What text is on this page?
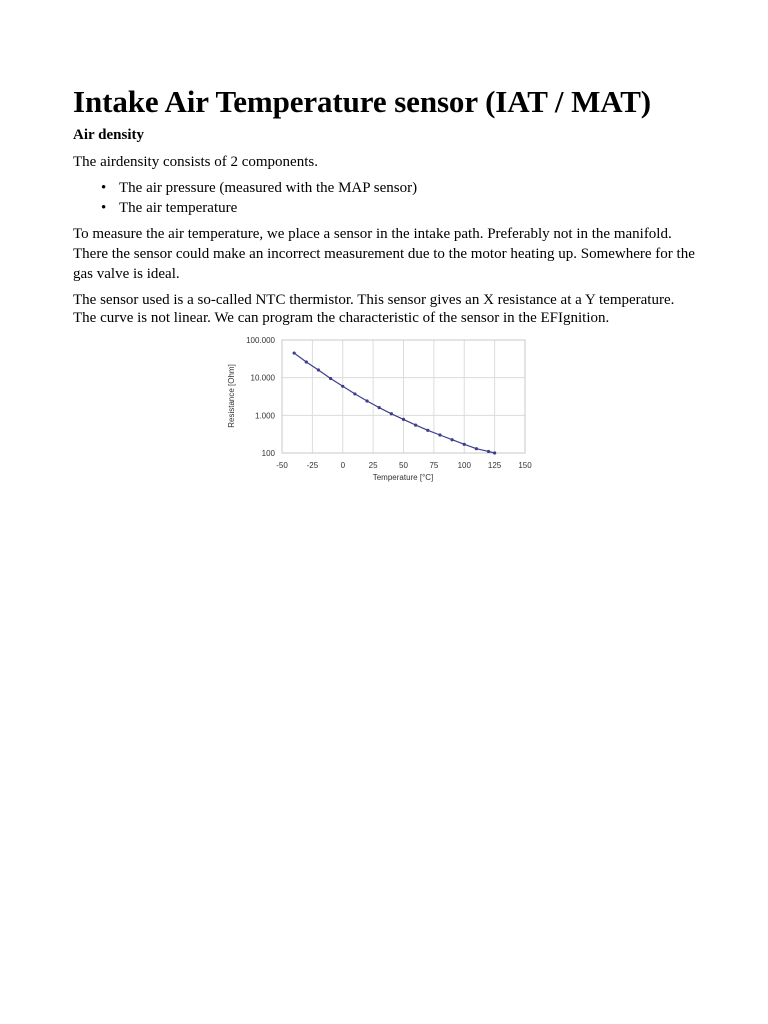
Intake Air Temperature sensor (IAT / MAT)
Air density

The airdensity consists of 2 components.

• The air pressure (measured with the MAP sensor)
• The air temperature

To measure the air temperature, we place a sensor in the intake path. Preferably not in the manifold. There the sensor could make an incorrect measurement due to the motor heating up. Somewhere for the gas valve is ideal.

The sensor used is a so-called NTC thermistor. This sensor gives an X resistance at a Y temperature. The curve is not linear. We can program the characteristic of the sensor in the EFIgnition.

100.000
10.000
1.000
100
-50 -25	0	25	50	75 100 125 150
Temperature [°C]
Resistance [Ohm]
